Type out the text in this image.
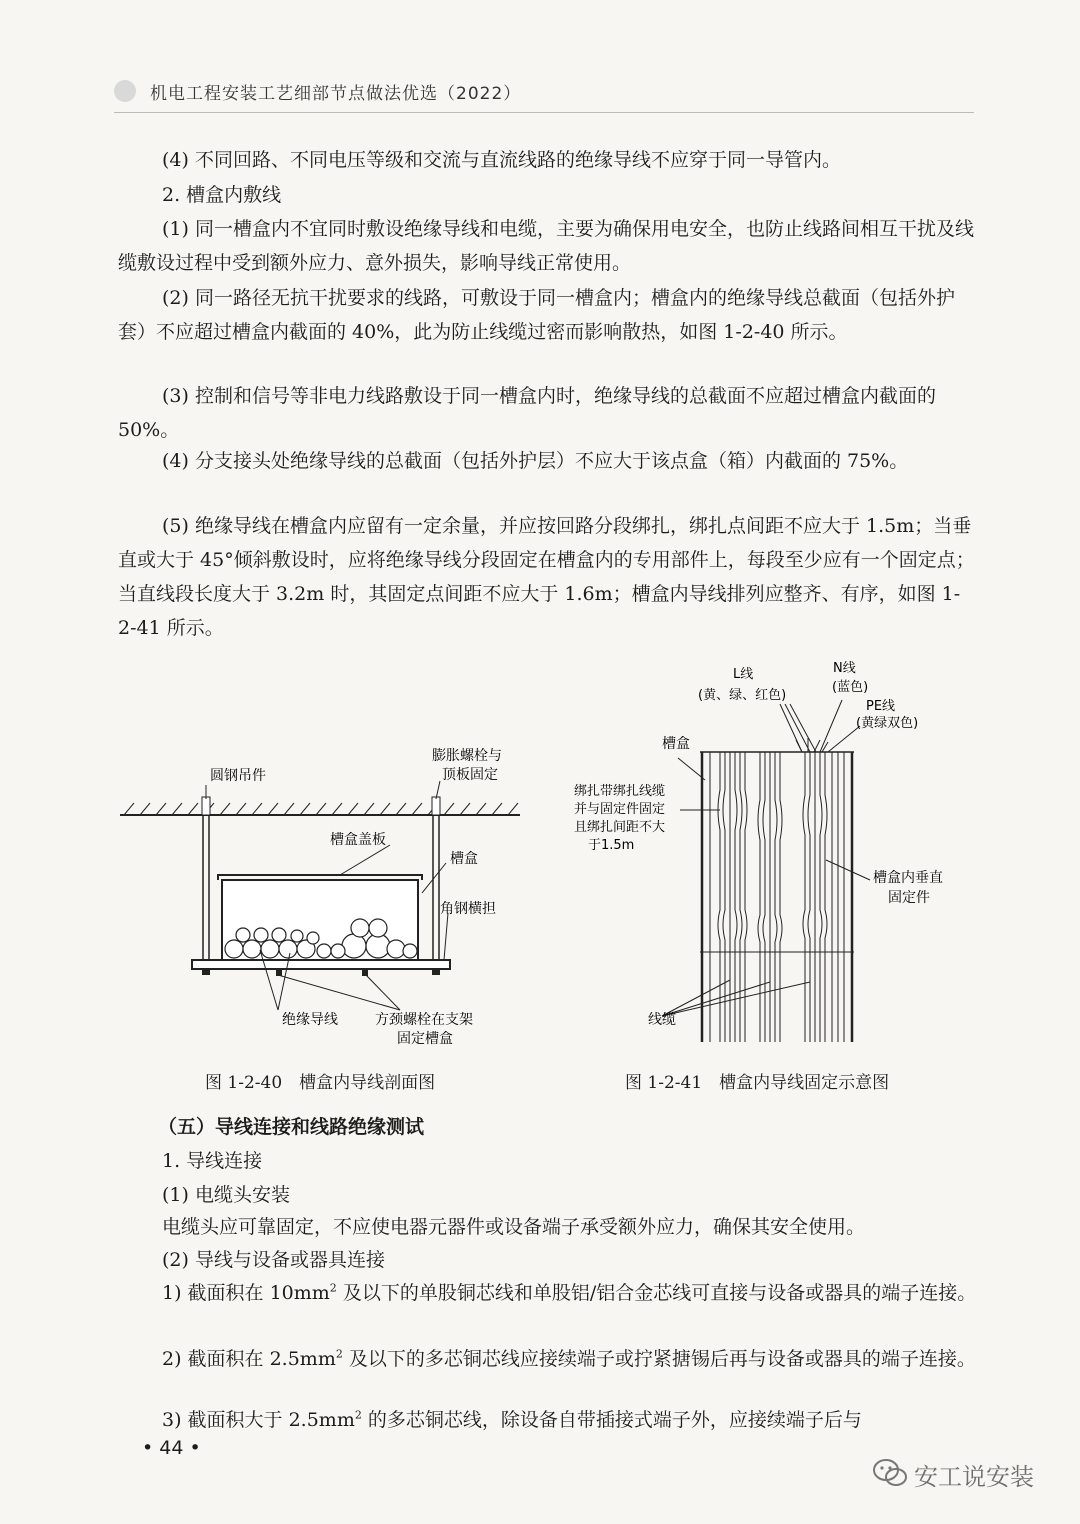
机电工程安装工艺细部节点做法优选（2022）

(4) 不同回路、不同电压等级和交流与直流线路的绝缘导线不应穿于同一导管内。

2. 槽盒内敷线

(1) 同一槽盒内不宜同时敷设绝缘导线和电缆，主要为确保用电安全，也防止线路间相互干扰及线缆敷设过程中受到额外应力、意外损失，影响导线正常使用。

(2) 同一路径无抗干扰要求的线路，可敷设于同一槽盒内；槽盒内的绝缘导线总截面（包括外护套）不应超过槽盒内截面的 40%，此为防止线缆过密而影响散热，如图 1-2-40 所示。

(3) 控制和信号等非电力线路敷设于同一槽盒内时，绝缘导线的总截面不应超过槽盒内截面的 50%。

(4) 分支接头处绝缘导线的总截面（包括外护层）不应大于该点盒（箱）内截面的 75%。

(5) 绝缘导线在槽盒内应留有一定余量，并应按回路分段绑扎，绑扎点间距不应大于 1.5m；当垂直或大于 45°倾斜敷设时，应将绝缘导线分段固定在槽盒内的专用部件上，每段至少应有一个固定点；当直线段长度大于 3.2m 时，其固定点间距不应大于 1.6m；槽盒内导线排列应整齐、有序，如图 1-2-41 所示。

圆钢吊件
膨胀螺栓与
顶板固定
槽盒盖板
槽盒
角钢横担
绝缘导线	方颈螺栓在支架
固定槽盒
图 1-2-40　槽盒内导线剖面图
L线
(黄、绿、红色)
N线
(蓝色)
PE线
(黄绿双色)
槽盒
绑扎带绑扎线缆
并与固定件固定
且绑扎间距不大
于1.5m
槽盒内垂直
固定件
线缆
图 1-2-41　槽盒内导线固定示意图

（五）导线连接和线路绝缘测试

1. 导线连接

(1) 电缆头安装

电缆头应可靠固定，不应使电器元器件或设备端子承受额外应力，确保其安全使用。

(2) 导线与设备或器具连接

1) 截面积在 $10mm^2$ 及以下的单股铜芯线和单股铝/铝合金芯线可直接与设备或器具的端子连接。

2) 截面积在 $2.5mm^2$ 及以下的多芯铜芯线应接续端子或拧紧搪锡后再与设备或器具的端子连接。

3) 截面积大于 $2.5mm^2$ 的多芯铜芯线，除设备自带插接式端子外，应接续端子后与

• 44 •
安工说安装
